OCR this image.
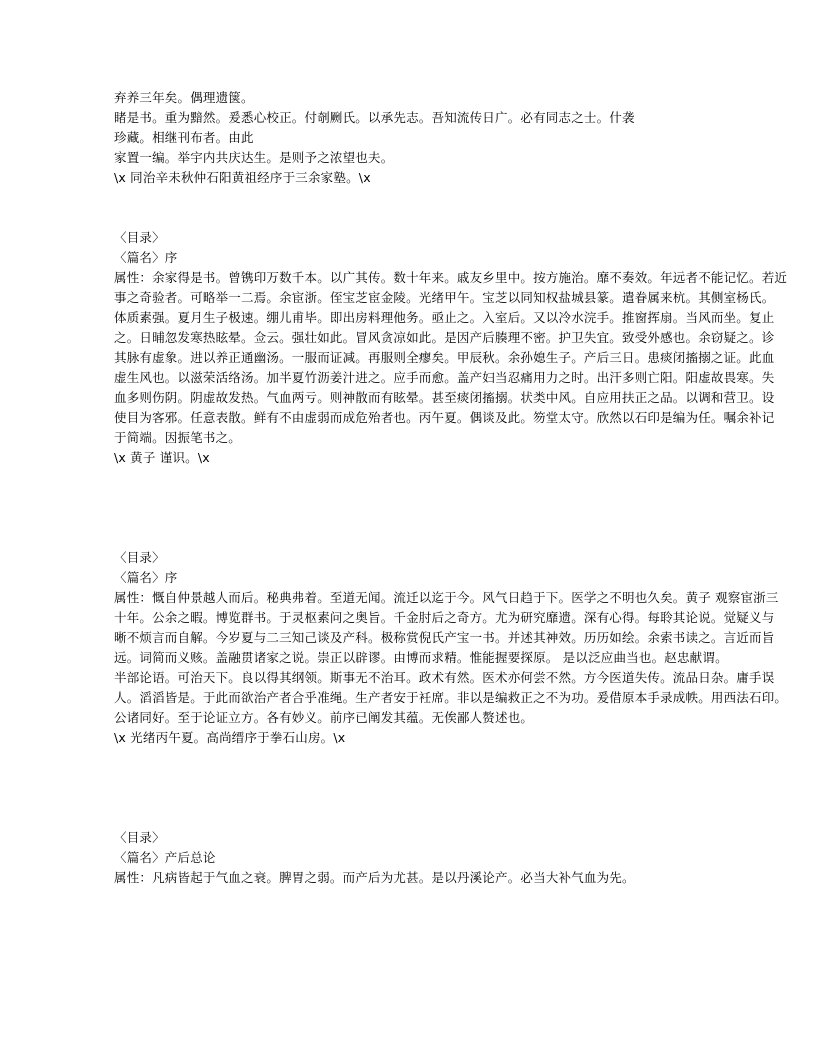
弃养三年矣。偶理遗箧。
睹是书。重为黯然。爰悉心校正。付剞劂氏。以承先志。吾知流传日广。必有同志之士。什袭
珍藏。相继刊布者。由此
家置一编。举宇内共庆达生。是则予之浓望也夫。
\x 同治辛未秋仲石阳黄祖经序于三余家塾。\x
〈目录〉
〈篇名〉序
属性：余家得是书。曾镌印万数千本。以广其传。数十年来。戚友乡里中。按方施治。靡不奏效。年远者不能记忆。若近
事之奇验者。可略举一二焉。余宦浙。侄宝芝宦金陵。光绪甲午。宝芝以同知权盐城县篆。遣眷属来杭。其侧室杨氏。
体质素强。夏月生子极速。绷儿甫毕。即出房料理他务。亟止之。入室后。又以冷水浣手。推窗挥扇。当风而坐。复止
之。日晡忽发寒热眩晕。佥云。强壮如此。冒风贪凉如此。是因产后腠理不密。护卫失宜。致受外感也。余窃疑之。诊
其脉有虚象。进以养正通幽汤。一服而证减。再服则全瘳矣。甲辰秋。余孙媳生子。产后三日。患痰闭搐搦之证。此血
虚生风也。以滋荣活络汤。加半夏竹沥姜汁进之。应手而愈。盖产妇当忍痛用力之时。出汗多则亡阳。阳虚故畏寒。失
血多则伤阴。阴虚故发热。气血两亏。则神散而有眩晕。甚至痰闭搐搦。状类中风。自应用扶正之品。以调和营卫。设
使目为客邪。任意表散。鲜有不由虚弱而成危殆者也。丙午夏。偶谈及此。笏堂太守。欣然以石印是编为任。嘱余补记
于简端。因振笔书之。
\x 黄子 谨识。\x
〈目录〉
〈篇名〉序
属性：慨自仲景越人而后。秘典弗着。至道无闻。流迁以迄于今。风气日趋于下。医学之不明也久矣。黄子 观察宦浙三
十年。公余之暇。博览群书。于灵枢素问之奥旨。千金肘后之奇方。尤为研究靡遗。深有心得。每聆其论说。觉疑义与
晰不烦言而自解。今岁夏与二三知己谈及产科。极称赏倪氏产宝一书。并述其神效。历历如绘。余索书读之。言近而旨
远。词简而义赅。盖融贯诸家之说。崇正以辟谬。由博而求精。惟能握要探原。 是以泛应曲当也。赵忠献谓。
半部论语。可治天下。良以得其纲领。斯事无不治耳。政术有然。医术亦何尝不然。方今医道失传。流品日杂。庸手误
人。滔滔皆是。于此而欲治产者合乎准绳。生产者安于衽席。非以是编救正之不为功。爰借原本手录成帙。用西法石印。
公诸同好。至于论证立方。各有妙义。前序已阐发其蕴。无俟鄙人赘述也。
\x 光绪丙午夏。高尚缙序于拳石山房。\x
〈目录〉
〈篇名〉产后总论
属性：凡病皆起于气血之衰。脾胃之弱。而产后为尤甚。是以丹溪论产。必当大补气血为先。
